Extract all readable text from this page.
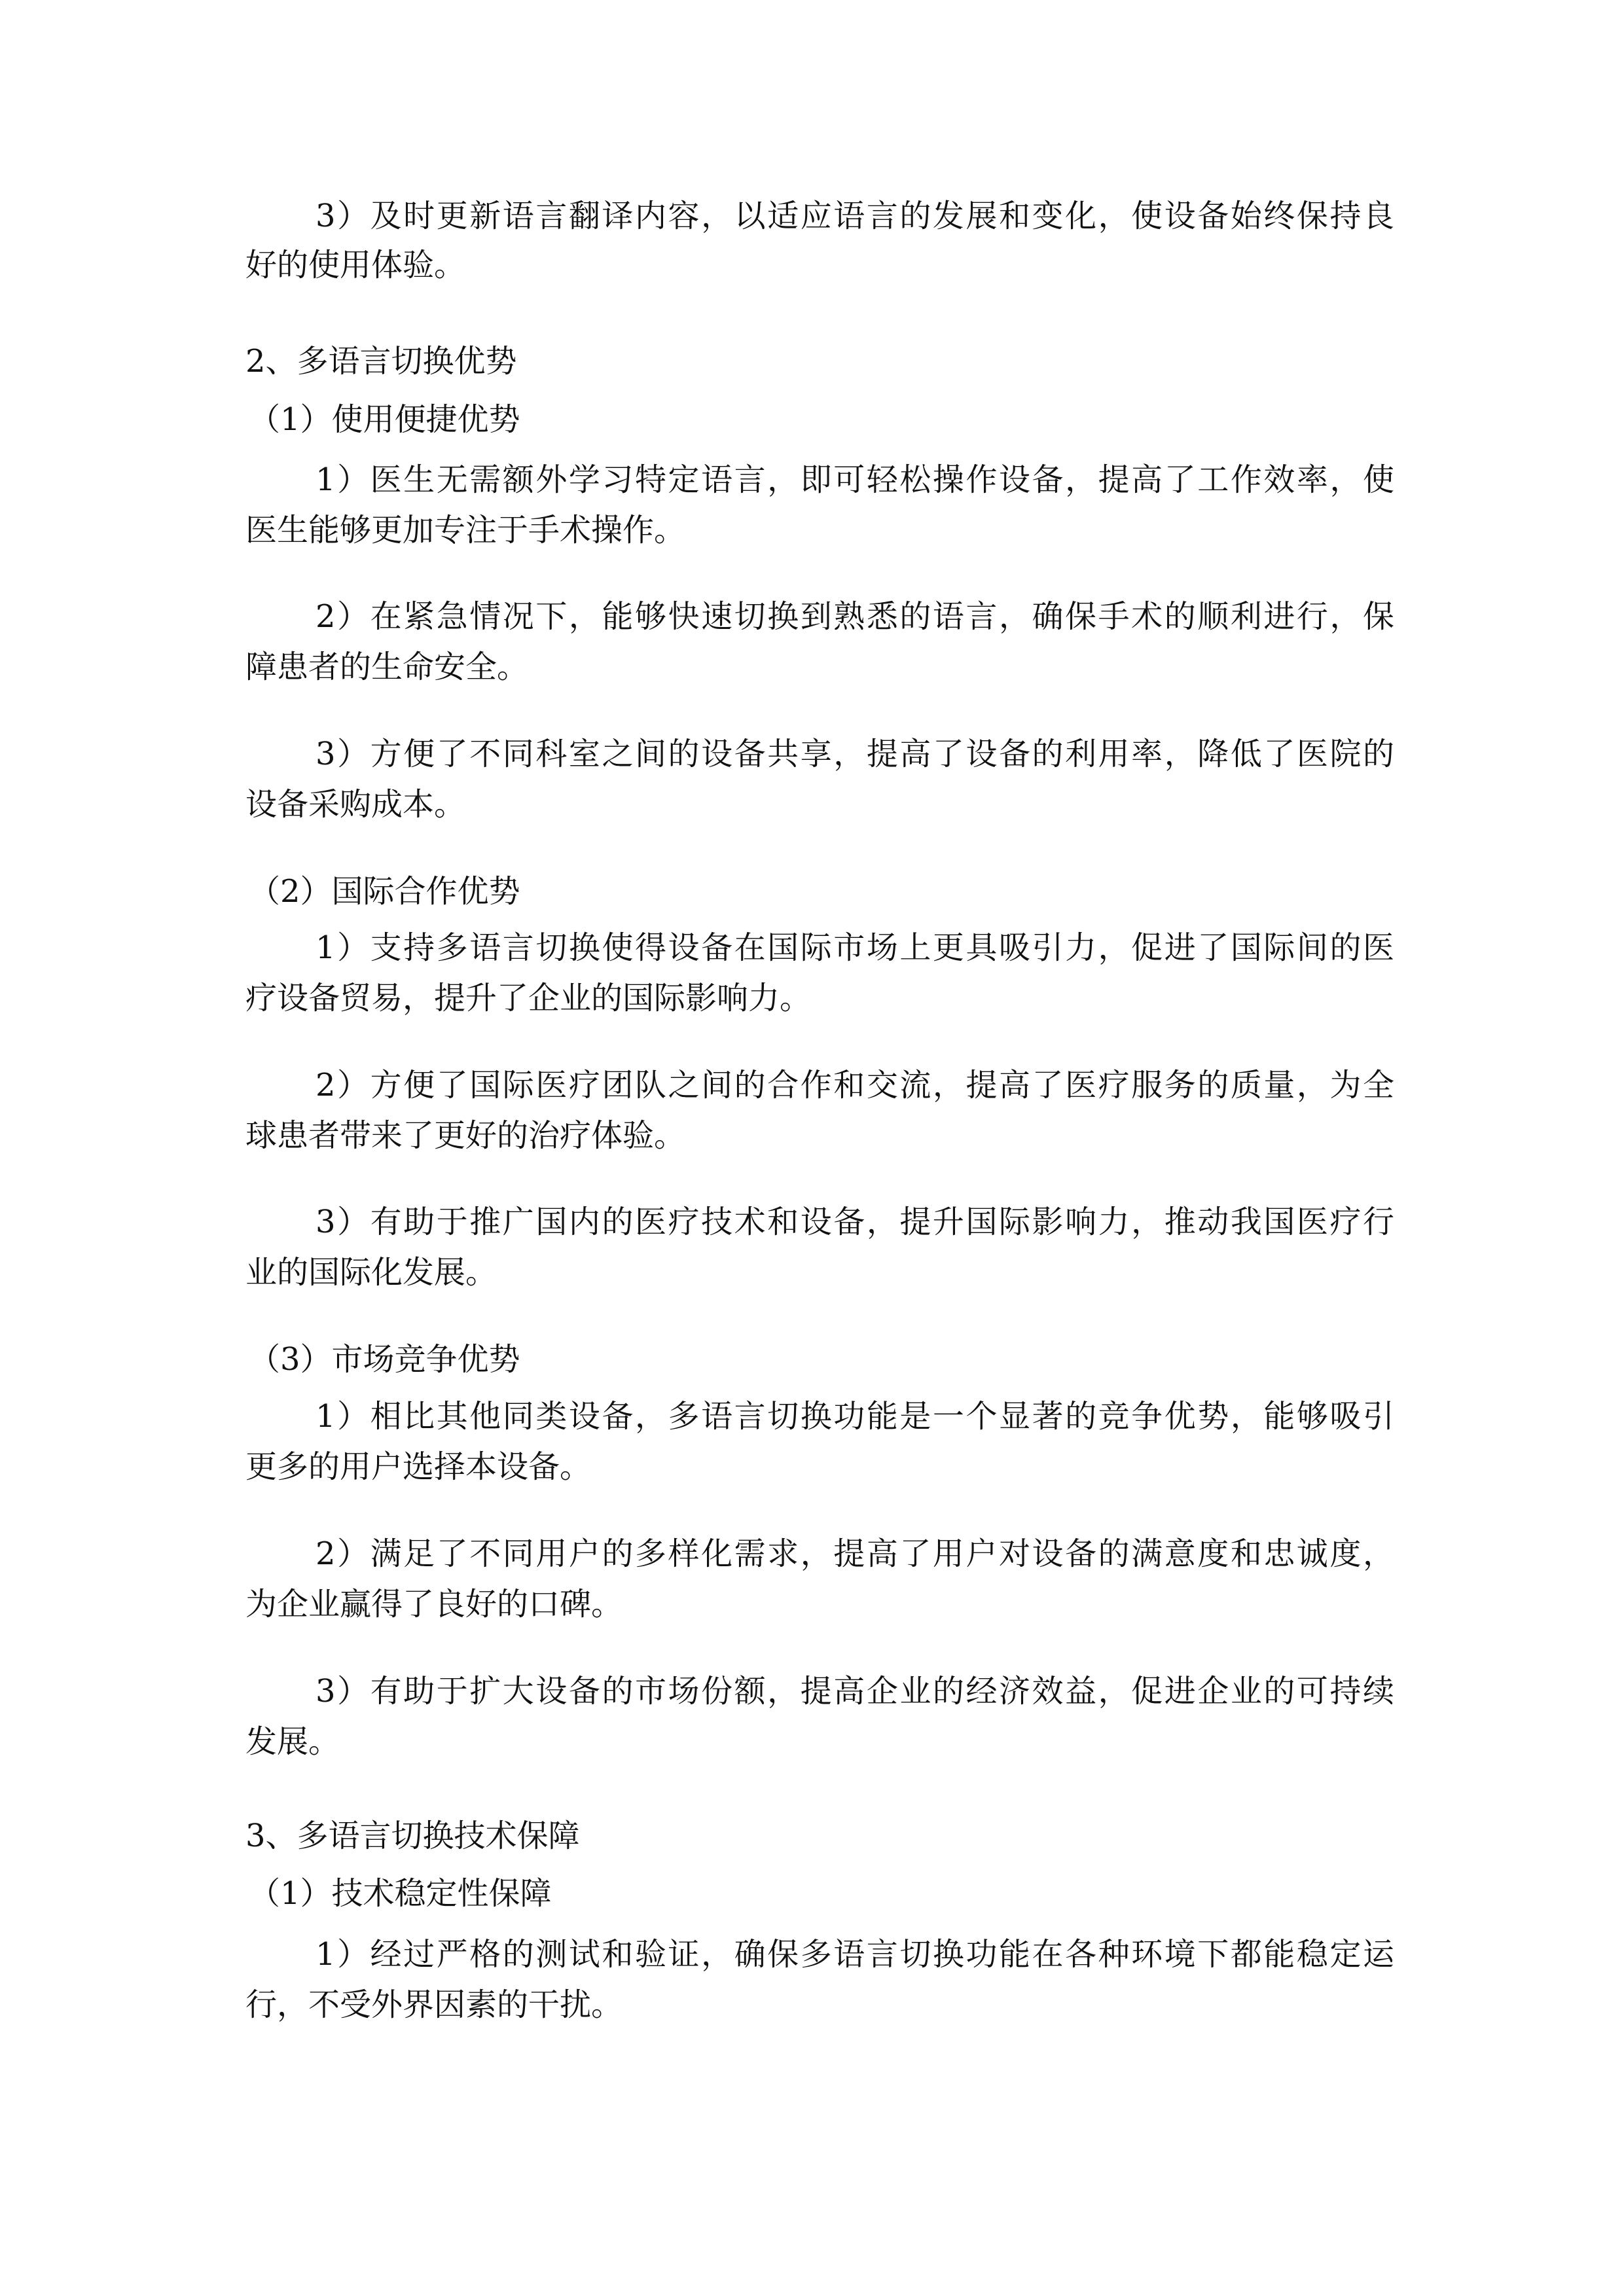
3）及时更新语言翻译内容，以适应语言的发展和变化，使设备始终保持良
好的使用体验。
2、多语言切换优势
（1）使用便捷优势
1）医生无需额外学习特定语言，即可轻松操作设备，提高了工作效率，使
医生能够更加专注于手术操作。
2）在紧急情况下，能够快速切换到熟悉的语言，确保手术的顺利进行，保
障患者的生命安全。
3）方便了不同科室之间的设备共享，提高了设备的利用率，降低了医院的
设备采购成本。
（2）国际合作优势
1）支持多语言切换使得设备在国际市场上更具吸引力，促进了国际间的医
疗设备贸易，提升了企业的国际影响力。
2）方便了国际医疗团队之间的合作和交流，提高了医疗服务的质量，为全
球患者带来了更好的治疗体验。
3）有助于推广国内的医疗技术和设备，提升国际影响力，推动我国医疗行
业的国际化发展。
（3）市场竞争优势
1）相比其他同类设备，多语言切换功能是一个显著的竞争优势，能够吸引
更多的用户选择本设备。
2）满足了不同用户的多样化需求，提高了用户对设备的满意度和忠诚度，
为企业赢得了良好的口碑。
3）有助于扩大设备的市场份额，提高企业的经济效益，促进企业的可持续
发展。
3、多语言切换技术保障
（1）技术稳定性保障
1）经过严格的测试和验证，确保多语言切换功能在各种环境下都能稳定运
行，不受外界因素的干扰。
